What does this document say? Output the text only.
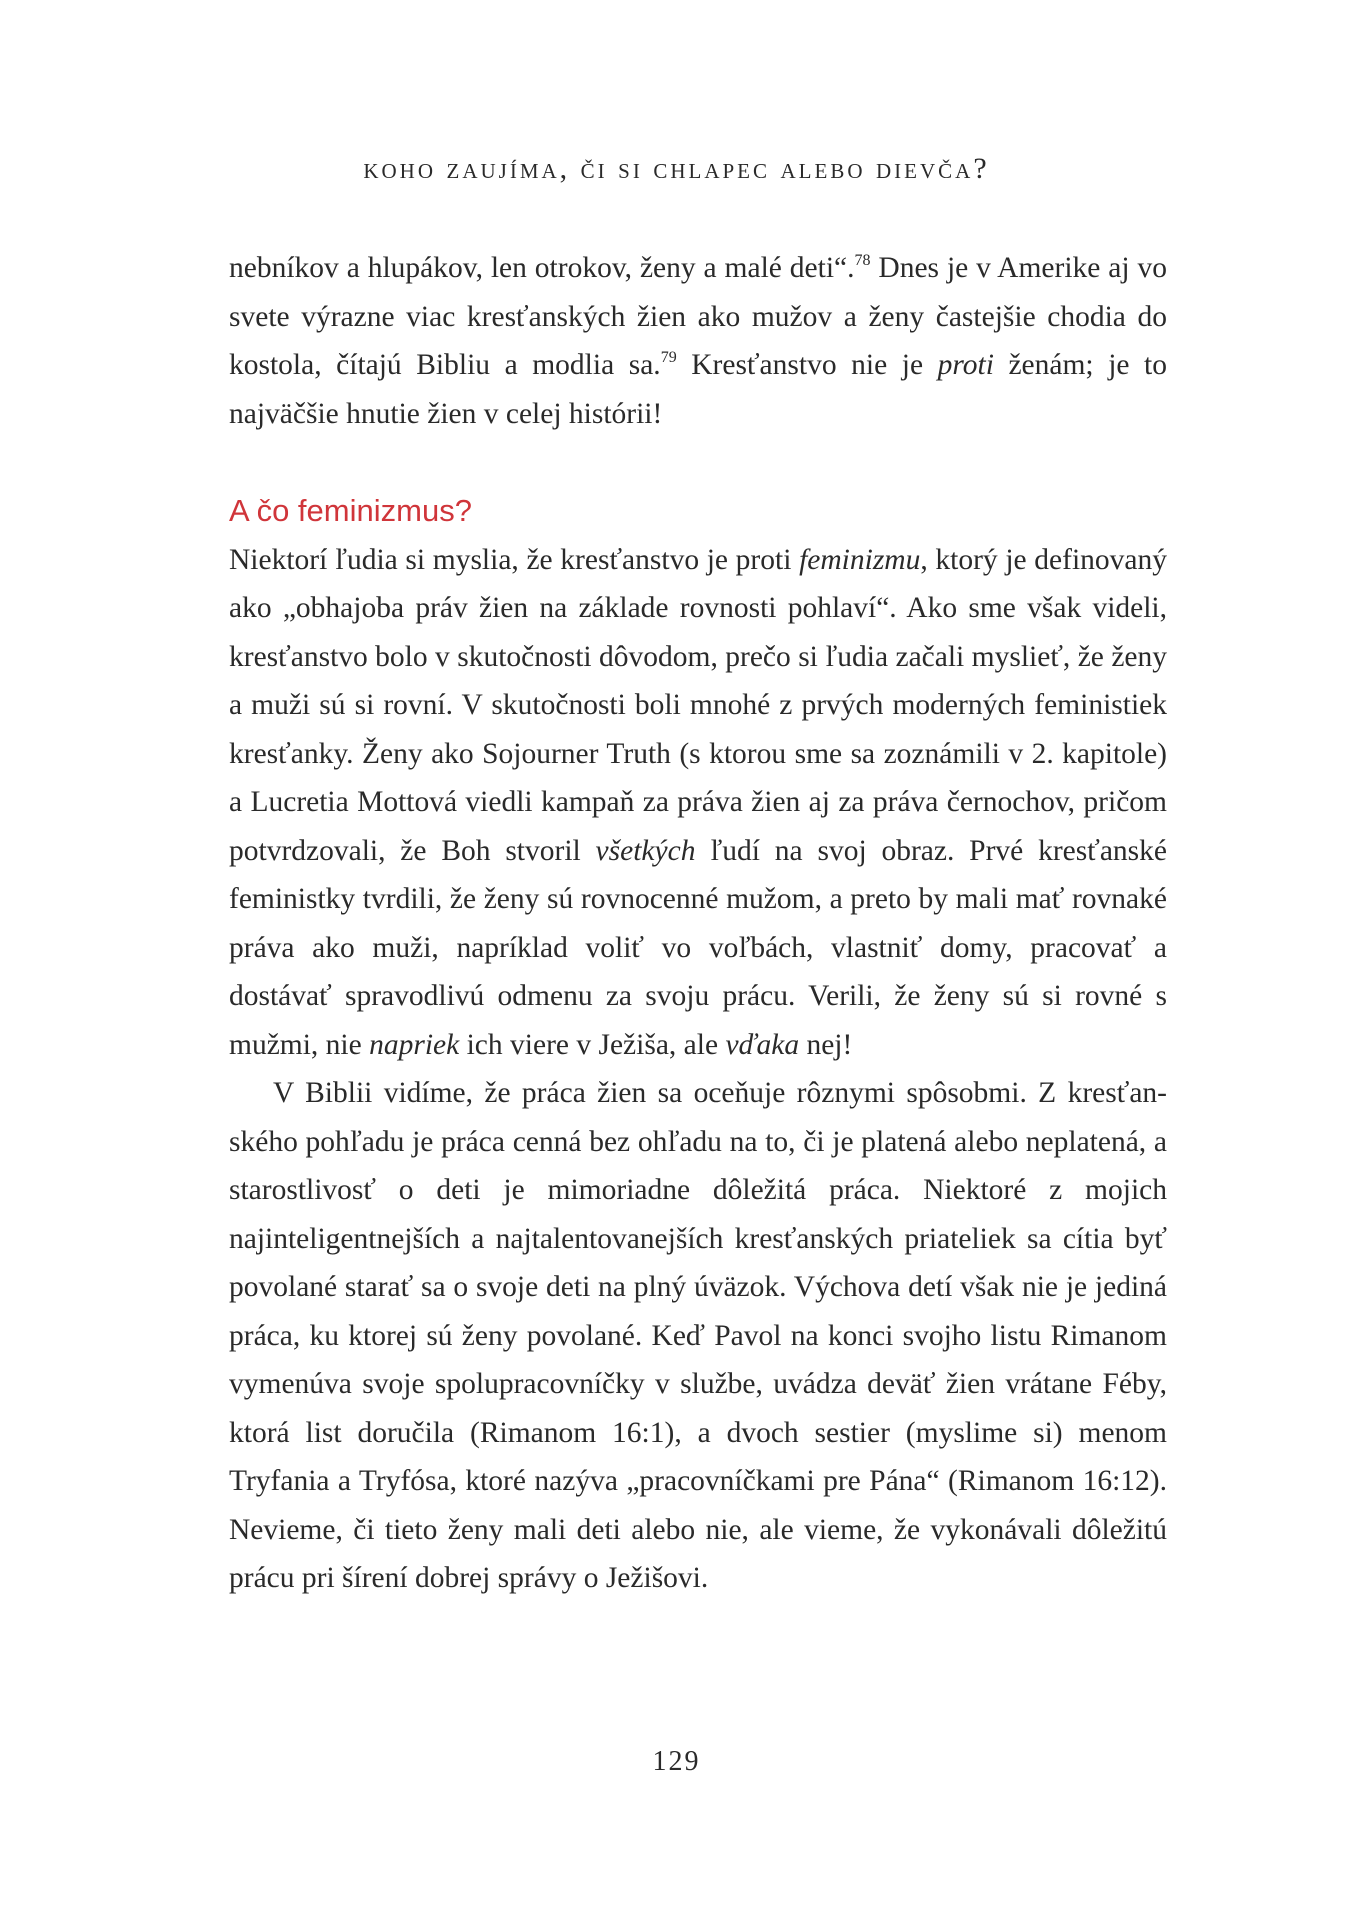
koho zaujíma, či si chlapec alebo dievča?

nebníkov a hlupákov, len otrokov, ženy a malé deti“.$^{78}$ Dnes je v Amerike aj vo svete výrazne viac kresťanských žien ako mužov a ženy častejšie chodia do kostola, čítajú Bibliu a modlia sa.$^{79}$ Kresťanstvo nie je proti ženám; je to najväčšie hnutie žien v celej histórii!

A čo feminizmus?

Niektorí ľudia si myslia, že kresťanstvo je proti feminizmu, ktorý je definovaný ako „obhajoba práv žien na základe rovnosti pohlaví“. Ako sme však videli, kresťanstvo bolo v skutočnosti dôvodom, prečo si ľudia začali myslieť, že ženy a muži sú si rovní. V skutočnosti boli mnohé z prvých moderných feministiek kresťanky. Ženy ako Sojourner Truth (s ktorou sme sa zoznámili v 2. kapitole) a Lucretia Mottová viedli kampaň za práva žien aj za práva černochov, pričom potvrdzovali, že Boh stvoril všetkých ľudí na svoj obraz. Prvé kresťanské feministky tvrdili, že ženy sú rovnocenné mužom, a preto by mali mať rovnaké práva ako muži, napríklad voliť vo voľbách, vlastniť domy, pracovať a dostávať spravodlivú odmenu za svoju prácu. Verili, že ženy sú si rovné s mužmi, nie napriek ich viere v Ježiša, ale vďaka nej!

V Biblii vidíme, že práca žien sa oceňuje rôznymi spôsobmi. Z kresťanského pohľadu je práca cenná bez ohľadu na to, či je platená alebo neplatená, a starostlivosť o deti je mimoriadne dôležitá práca. Niektoré z mojich najinteligentnejších a najtalentovanejších kresťanských priateliek sa cítia byť povolané starať sa o svoje deti na plný úväzok. Výchova detí však nie je jediná práca, ku ktorej sú ženy povolané. Keď Pavol na konci svojho listu Rimanom vymenúva svoje spolupracovníčky v službe, uvádza deväť žien vrátane Féby, ktorá list doručila (Rimanom 16:1), a dvoch sestier (myslime si) menom Tryfania a Tryfósa, ktoré nazýva „pracovníčkami pre Pána“ (Rimanom 16:12). Nevieme, či tieto ženy mali deti alebo nie, ale vieme, že vykonávali dôležitú prácu pri šírení dobrej správy o Ježišovi.

129
